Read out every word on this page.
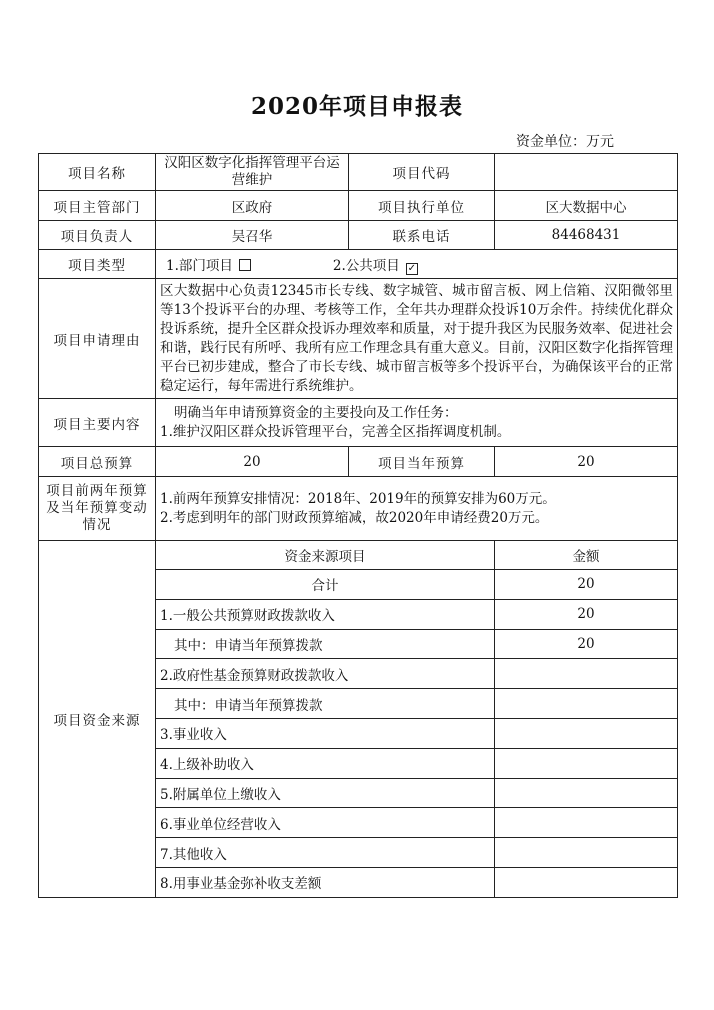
2020年项目申报表
资金单位：万元
项目名称	汉阳区数字化指挥管理平台运营维护	项目代码	
项目主管部门	区政府	项目执行单位	区大数据中心
项目负责人	吴召华	联系电话	84468431
项目类型	1.部门项目 2.公共项目 ✓		
项目申请理由	区大数据中心负责12345市长专线、数字城管、城市留言板、网上信箱、汉阳微邻里等13个投诉平台的办理、考核等工作，全年共办理群众投诉10万余件。持续优化群众投诉系统，提升全区群众投诉办理效率和质量，对于提升我区为民服务效率、促进社会和谐，践行民有所呼、我所有应工作理念具有重大意义。目前，汉阳区数字化指挥管理平台已初步建成，整合了市长专线、城市留言板等多个投诉平台，为确保该平台的正常稳定运行，每年需进行系统维护。		
项目主要内容	明确当年申请预算资金的主要投向及工作任务：
1.维护汉阳区群众投诉管理平台，完善全区指挥调度机制。		

项目总预算	20	项目当年预算	20
项目前两年预算及当年预算变动情况	1.前两年预算安排情况：2018年、2019年的预算安排为60万元。
2.考虑到明年的部门财政预算缩减，故2020年申请经费20万元。		

项目资金来源	资金来源项目		金额
	合计		20
	1.一般公共预算财政拨款收入		20
	其中：申请当年预算拨款		20
	2.政府性基金预算财政拨款收入		
	其中：申请当年预算拨款		
	3.事业收入		
	4.上级补助收入		
	5.附属单位上缴收入		
	6.事业单位经营收入		
	7.其他收入		
	8.用事业基金弥补收支差额		
